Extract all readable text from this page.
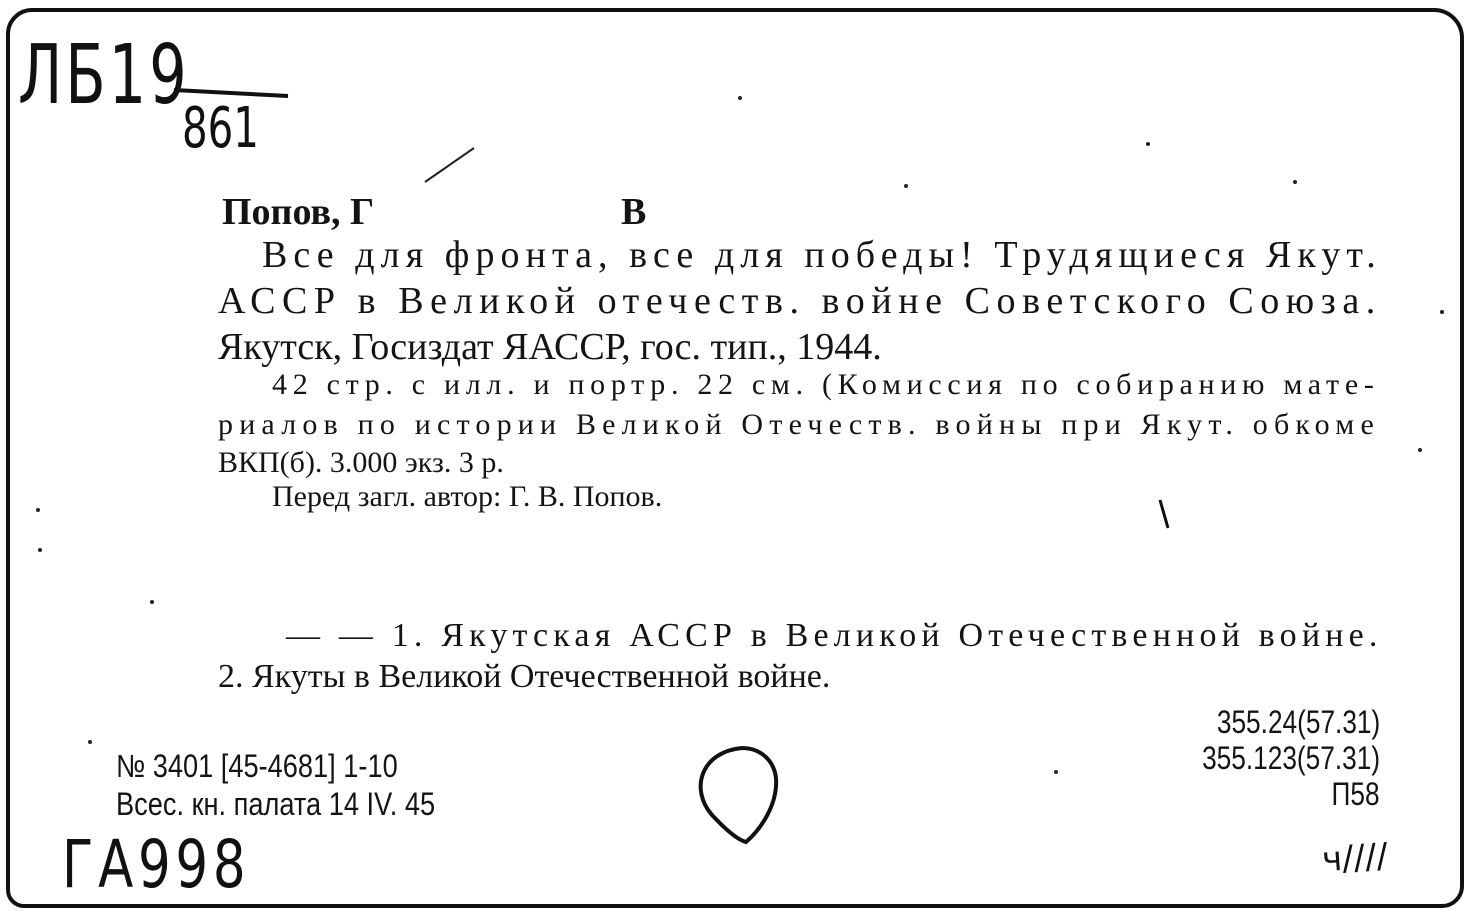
ЛБ19
861
Попов, Г	В
Все для фронта, все для победы! Трудящиеся Якут.
АССР в Великой отечеств. войне Советского Союза.
Якутск, Госиздат ЯАССР, гос. тип., 1944.
42 стр. с илл. и портр. 22 см. (Комиссия по собиранию мате-
риалов по истории Великой Отечеств. войны при Якут. обкоме
ВКП(б). 3.000 экз. 3 р.
Перед загл. автор: Г. В. Попов.
— — 1. Якутская АССР в Великой Отечественной войне.
2. Якуты в Великой Отечественной войне.
355.24(57.31)
355.123(57.31)
П58
№ 3401 [45-4681] 1-10
Всес. кн. палата 14 IV. 45
ГА998	ч////
